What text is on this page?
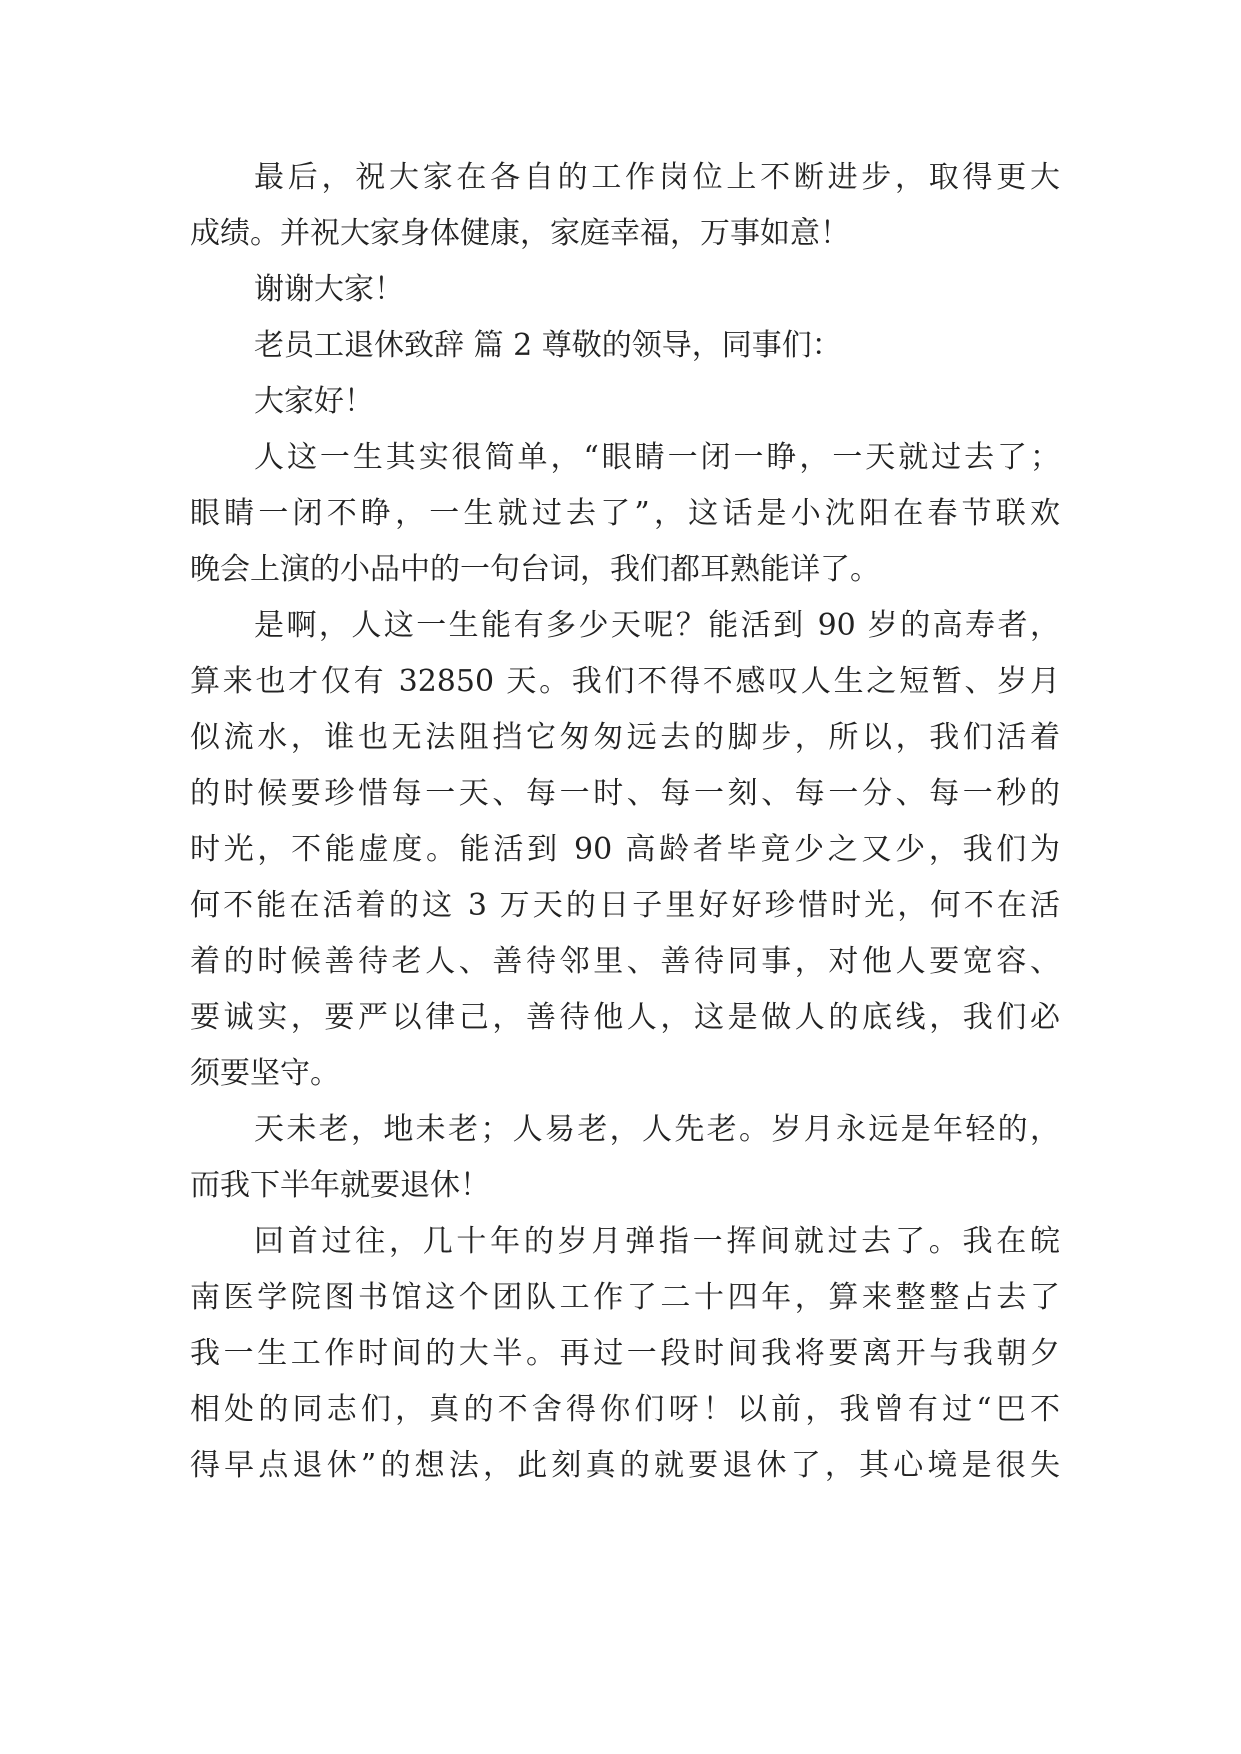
最后，祝大家在各自的工作岗位上不断进步，取得更大
成绩。并祝大家身体健康，家庭幸福，万事如意！
谢谢大家！
老员工退休致辞 篇 2 尊敬的领导，同事们：
大家好！
人这一生其实很简单，“眼睛一闭一睁，一天就过去了；
眼睛一闭不睁，一生就过去了”，这话是小沈阳在春节联欢
晚会上演的小品中的一句台词，我们都耳熟能详了。
是啊，人这一生能有多少天呢？能活到 90 岁的高寿者，
算来也才仅有 32850 天。我们不得不感叹人生之短暂、岁月
似流水，谁也无法阻挡它匆匆远去的脚步，所以，我们活着
的时候要珍惜每一天、每一时、每一刻、每一分、每一秒的
时光，不能虚度。能活到 90 高龄者毕竟少之又少，我们为
何不能在活着的这 3 万天的日子里好好珍惜时光，何不在活
着的时候善待老人、善待邻里、善待同事，对他人要宽容、
要诚实，要严以律己，善待他人，这是做人的底线，我们必
须要坚守。
天未老，地未老；人易老，人先老。岁月永远是年轻的，
而我下半年就要退休！
回首过往，几十年的岁月弹指一挥间就过去了。我在皖
南医学院图书馆这个团队工作了二十四年，算来整整占去了
我一生工作时间的大半。再过一段时间我将要离开与我朝夕
相处的同志们，真的不舍得你们呀！以前，我曾有过“巴不
得早点退休”的想法，此刻真的就要退休了，其心境是很失
